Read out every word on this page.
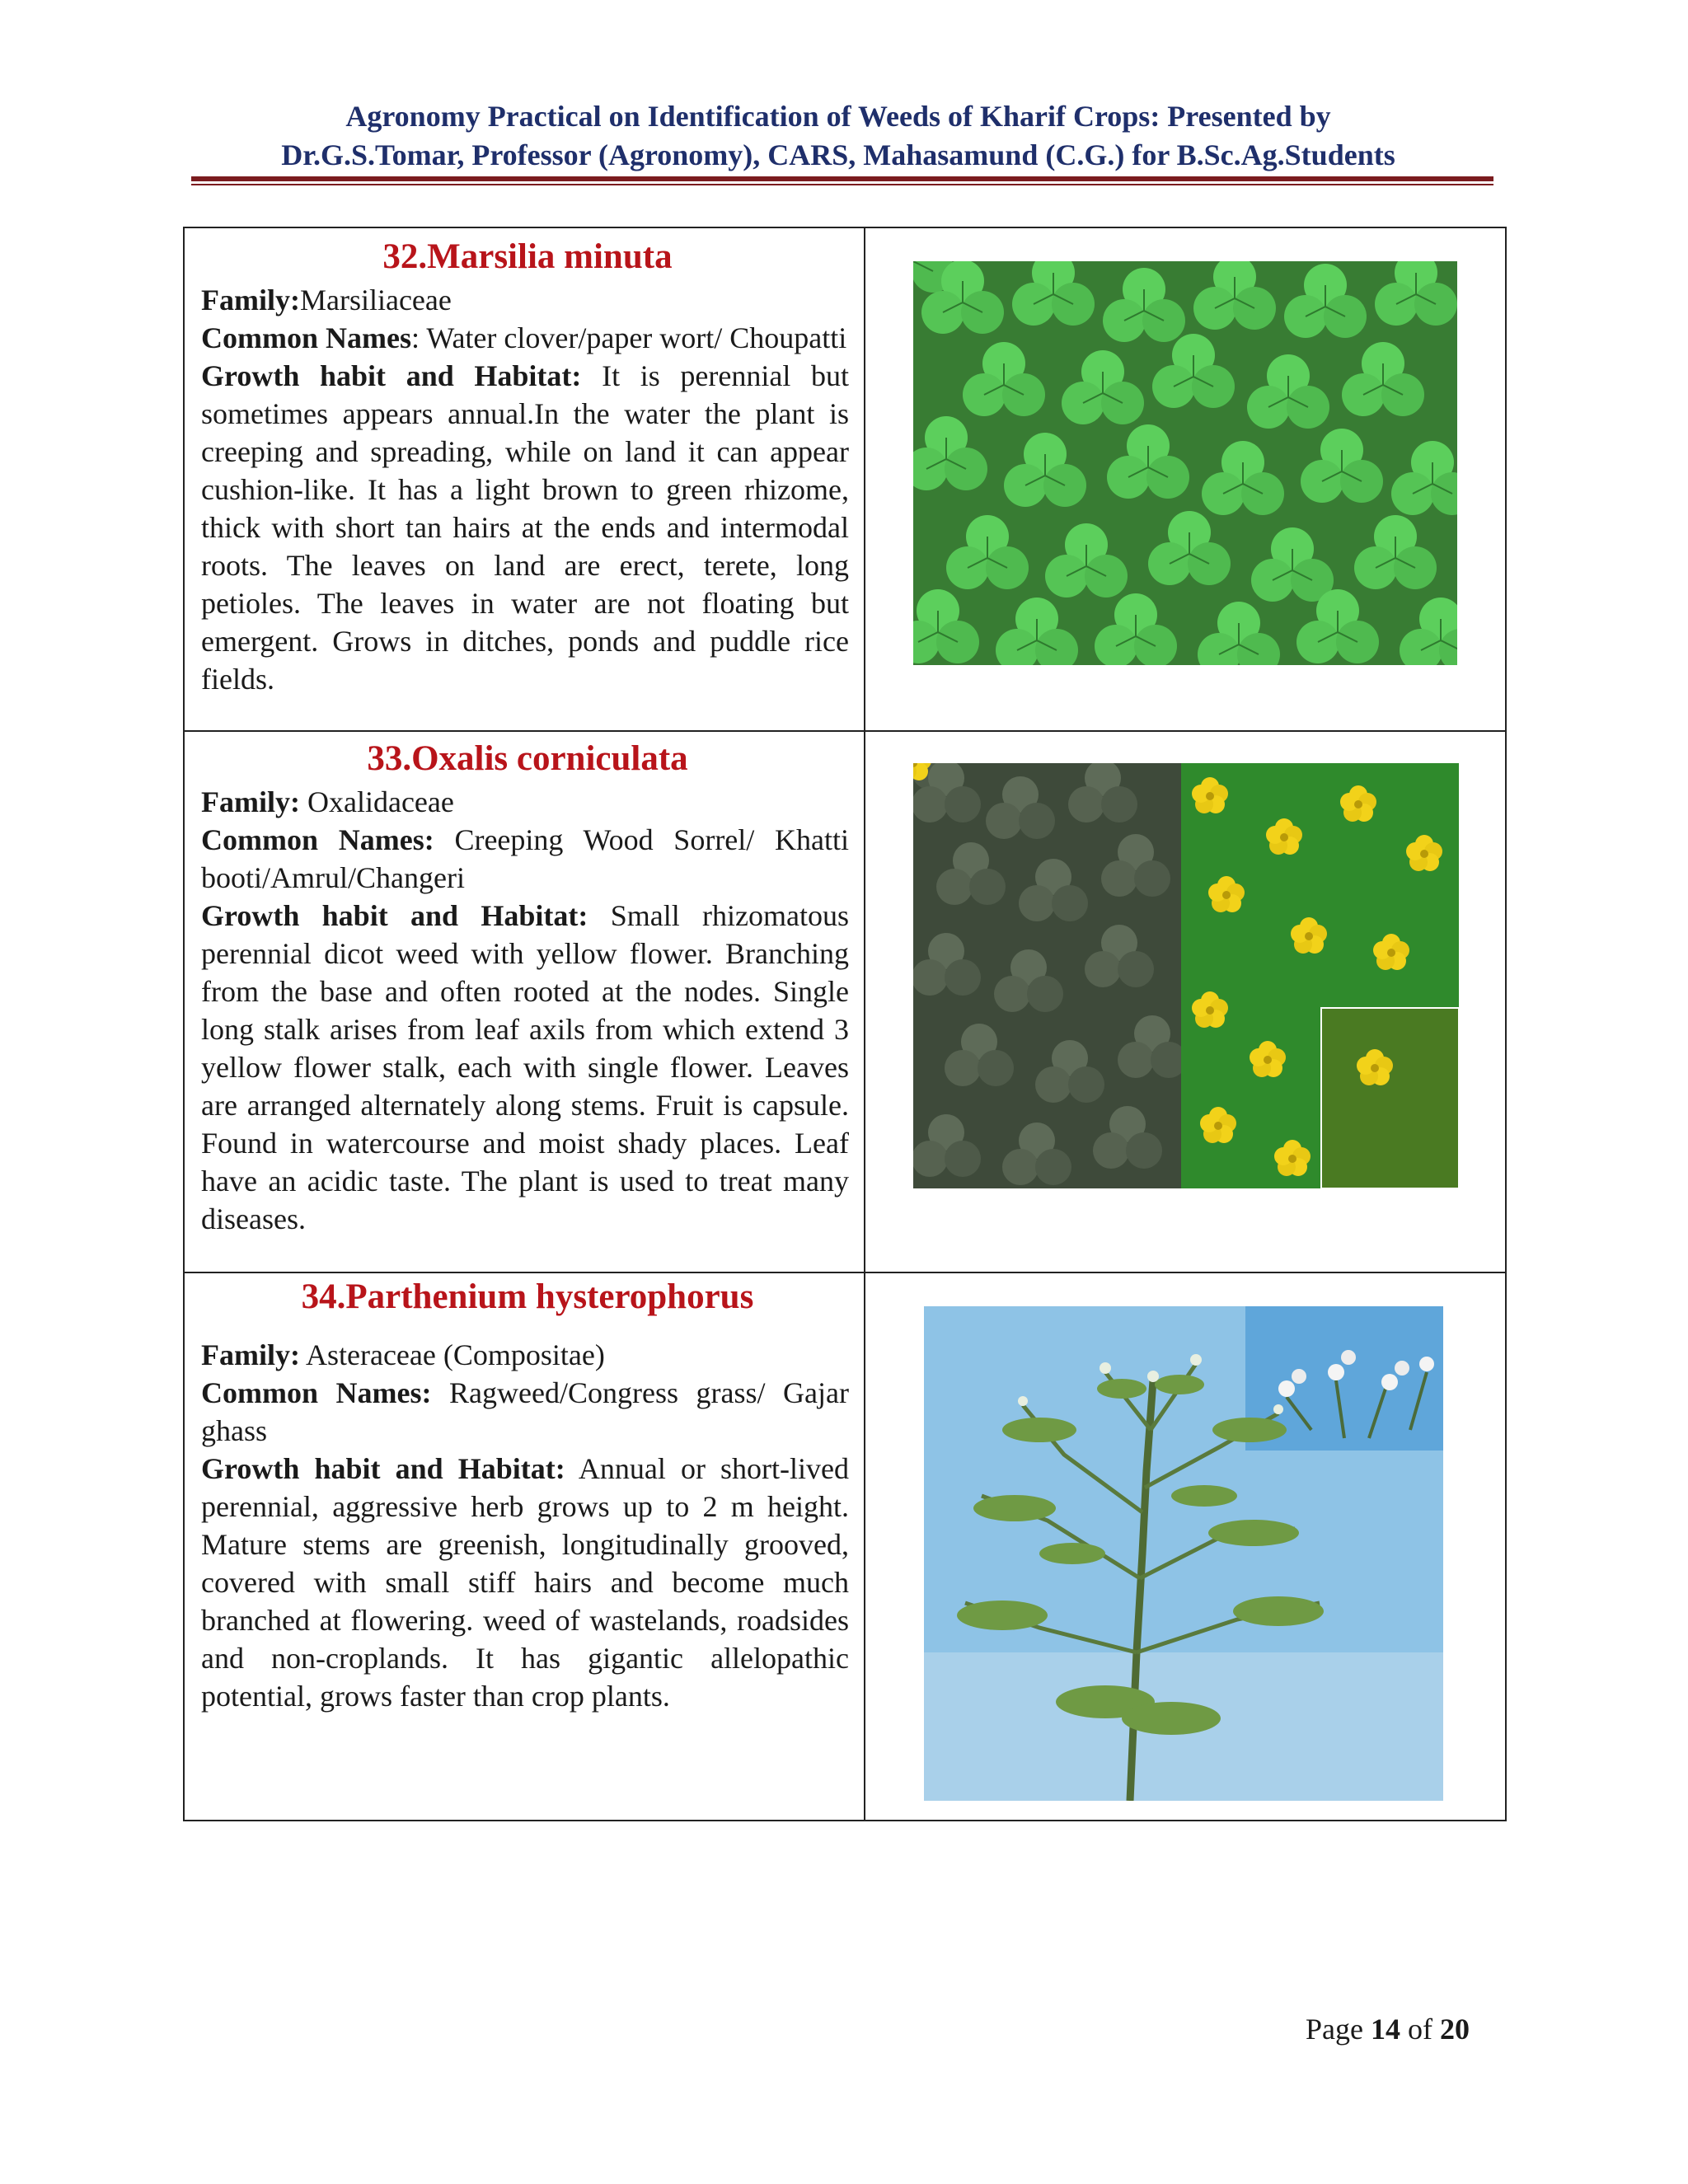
Agronomy Practical on Identification of Weeds of Kharif Crops: Presented by
Dr.G.S.Tomar, Professor (Agronomy), CARS, Mahasamund (C.G.) for B.Sc.Ag.Students
32.Marsilia minuta
Family:Marsiliaceae
Common Names: Water clover/paper wort/ Choupatti
Growth habit and Habitat: It is perennial but sometimes appears annual.In the water the plant is creeping and spreading, while on land it can appear cushion-like. It has a light brown to green rhizome, thick with short tan hairs at the ends and intermodal roots. The leaves on land are erect, terete, long petioles. The leaves in water are not floating but emergent. Grows in ditches, ponds and puddle rice fields.
33.Oxalis corniculata
Family: Oxalidaceae
Common Names: Creeping Wood Sorrel/ Khatti booti/Amrul/Changeri
Growth habit and Habitat: Small rhizomatous perennial dicot weed with yellow flower. Branching from the base and often rooted at the nodes. Single long stalk arises from leaf axils from which extend 3 yellow flower stalk, each with single flower. Leaves are arranged alternately along stems. Fruit is capsule. Found in watercourse and moist shady places. Leaf have an acidic taste. The plant is used to treat many diseases.
34.Parthenium hysterophorus
Family: Asteraceae (Compositae)
Common Names: Ragweed/Congress grass/ Gajar ghass
Growth habit and Habitat: Annual or short-lived perennial, aggressive herb grows up to 2 m height. Mature stems are greenish, longitudinally grooved, covered with small stiff hairs and become much branched at flowering. weed of wastelands, roadsides and non-croplands. It has gigantic allelopathic potential, grows faster than crop plants.
Page 14 of 20
